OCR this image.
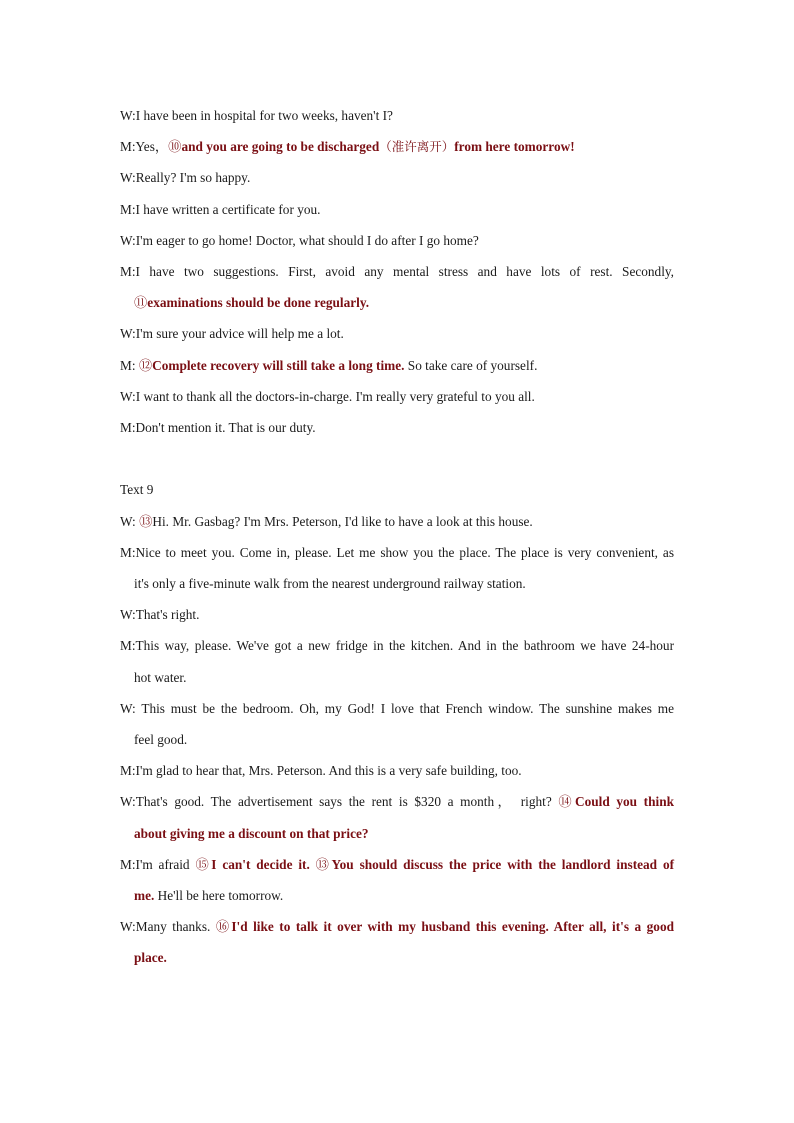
W:I have been in hospital for two weeks, haven't I?

M:Yes，⑩and you are going to be discharged（准许离开）from here tomorrow!

W:Really? I'm so happy.

M:I have written a certificate for you.

W:I'm eager to go home! Doctor, what should I do after I go home?

M:I have two suggestions. First, avoid any mental stress and have lots of rest. Secondly,

⑪examinations should be done regularly.

W:I'm sure your advice will help me a lot.

M: ⑫Complete recovery will still take a long time. So take care of yourself.

W:I want to thank all the doctors-in-charge. I'm really very grateful to you all.

M:Don't mention it. That is our duty.

Text 9

W: ⑬Hi. Mr. Gasbag? I'm Mrs. Peterson, I'd like to have a look at this house.

M:Nice to meet you. Come in, please. Let me show you the place. The place is very convenient, as

it's only a five-minute walk from the nearest underground railway station.

W:That's right.

M:This way, please. We've got a new fridge in the kitchen. And in the bathroom we have 24-hour

hot water.

W: This must be the bedroom. Oh, my God! I love that French window. The sunshine makes me

feel good.

M:I'm glad to hear that, Mrs. Peterson. And this is a very safe building, too.

W:That's good. The advertisement says the rent is $320 a month， right? ⑭Could you think

about giving me a discount on that price?

M:I'm afraid ⑮I can't decide it. ⑬You should discuss the price with the landlord instead of

me. He'll be here tomorrow.

W:Many thanks. ⑯I'd like to talk it over with my husband this evening. After all, it's a good

place.
